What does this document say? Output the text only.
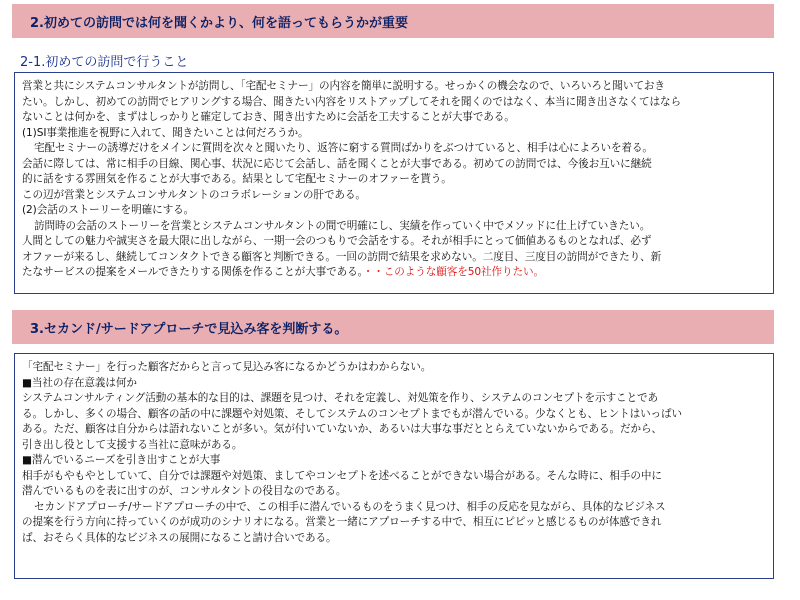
2.初めての訪問では何を聞くかより、何を語ってもらうかが重要
2-1.初めての訪問で行うこと

営業と共にシステムコンサルタントが訪問し、「宅配セミナー」の内容を簡単に説明する。せっかくの機会なので、いろいろと聞いておき

たい。しかし、初めての訪問でヒアリングする場合、聞きたい内容をリストアップしてそれを聞くのではなく、本当に聞き出さなくてはなら

ないことは何かを、まずはしっかりと確定しておき、聞き出すために会話を工夫することが大事である。

(1)SI事業推進を視野に入れて、聞きたいことは何だろうか。

宅配セミナーの誘導だけをメインに質問を次々と聞いたり、返答に窮する質問ばかりをぶつけていると、相手は心によろいを着る。

会話に際しては、常に相手の目線、関心事、状況に応じて会話し、話を聞くことが大事である。初めての訪問では、今後お互いに継続

的に話をする雰囲気を作ることが大事である。結果として宅配セミナーのオファーを貰う。

この辺が営業とシステムコンサルタントのコラボレーションの肝である。

(2)会話のストーリーを明確にする。

訪問時の会話のストーリーを営業とシステムコンサルタントの間で明確にし、実績を作っていく中でメソッドに仕上げていきたい。

人間としての魅力や誠実さを最大限に出しながら、一期一会のつもりで会話をする。それが相手にとって価値あるものとなれば、必ず

オファーが来るし、継続してコンタクトできる顧客と判断できる。一回の訪問で結果を求めない。二度目、三度目の訪問ができたり、新

たなサービスの提案をメールできたりする関係を作ることが大事である。・・このような顧客を50社作りたい。

3.セカンド/サードアプローチで見込み客を判断する。

「宅配セミナー」を行った顧客だからと言って見込み客になるかどうかはわからない。

■当社の存在意義は何か

システムコンサルティング活動の基本的な目的は、課題を見つけ、それを定義し、対処策を作り、システムのコンセプトを示すことであ

る。しかし、多くの場合、顧客の話の中に課題や対処策、そしてシステムのコンセプトまでもが潜んでいる。少なくとも、ヒントはいっぱい

ある。ただ、顧客は自分からは語れないことが多い。気が付いていないか、あるいは大事な事だととらえていないからである。だから、

引き出し役として支援する当社に意味がある。

■潜んでいるニーズを引き出すことが大事

相手がもやもやとしていて、自分では課題や対処策、ましてやコンセプトを述べることができない場合がある。そんな時に、相手の中に

潜んでいるものを表に出すのが、コンサルタントの役目なのである。

セカンドアプローチ/サードアプローチの中で、この相手に潜んでいるものをうまく見つけ、相手の反応を見ながら、具体的なビジネス

の提案を行う方向に持っていくのが成功のシナリオになる。営業と一緒にアプローチする中で、相互にピピッと感じるものが体感できれ

ば、おそらく具体的なビジネスの展開になること請け合いである。
